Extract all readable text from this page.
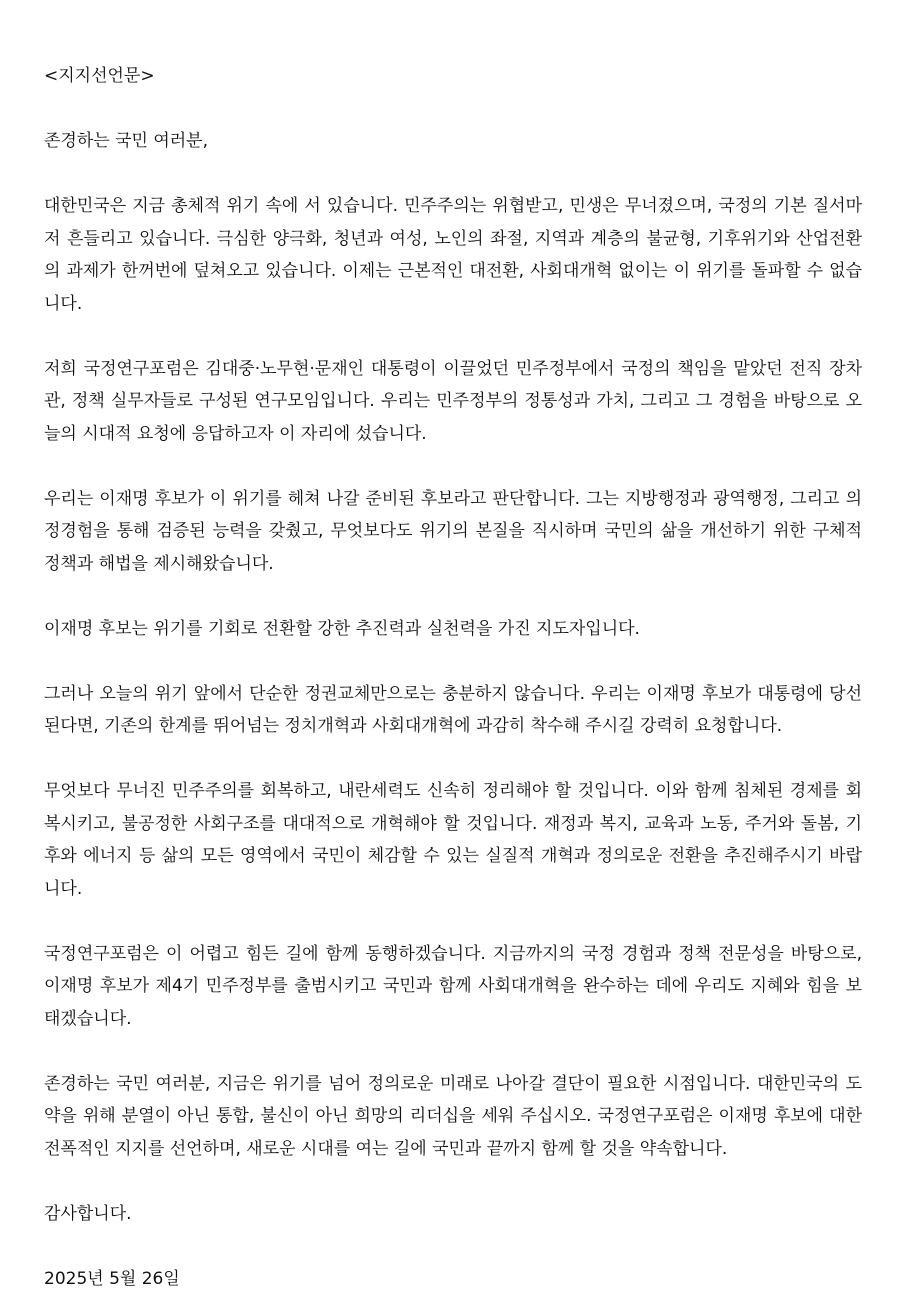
<지지선언문>

존경하는 국민 여러분,

대한민국은 지금 총체적 위기 속에 서 있습니다. 민주주의는 위협받고, 민생은 무너졌으며, 국정의 기본 질서마저 흔들리고 있습니다. 극심한 양극화, 청년과 여성, 노인의 좌절, 지역과 계층의 불균형, 기후위기와 산업전환의 과제가 한꺼번에 덮쳐오고 있습니다. 이제는 근본적인 대전환, 사회대개혁 없이는 이 위기를 돌파할 수 없습니다.

저희 국정연구포럼은 김대중·노무현·문재인 대통령이 이끌었던 민주정부에서 국정의 책임을 맡았던 전직 장차관, 정책 실무자들로 구성된 연구모임입니다. 우리는 민주정부의 정통성과 가치, 그리고 그 경험을 바탕으로 오늘의 시대적 요청에 응답하고자 이 자리에 섰습니다.

우리는 이재명 후보가 이 위기를 헤쳐 나갈 준비된 후보라고 판단합니다. 그는 지방행정과 광역행정, 그리고 의정경험을 통해 검증된 능력을 갖췄고, 무엇보다도 위기의 본질을 직시하며 국민의 삶을 개선하기 위한 구체적 정책과 해법을 제시해왔습니다.

이재명 후보는 위기를 기회로 전환할 강한 추진력과 실천력을 가진 지도자입니다.

그러나 오늘의 위기 앞에서 단순한 정권교체만으로는 충분하지 않습니다. 우리는 이재명 후보가 대통령에 당선된다면, 기존의 한계를 뛰어넘는 정치개혁과 사회대개혁에 과감히 착수해 주시길 강력히 요청합니다.

무엇보다 무너진 민주주의를 회복하고, 내란세력도 신속히 정리해야 할 것입니다. 이와 함께 침체된 경제를 회복시키고, 불공정한 사회구조를 대대적으로 개혁해야 할 것입니다. 재정과 복지, 교육과 노동, 주거와 돌봄, 기후와 에너지 등 삶의 모든 영역에서 국민이 체감할 수 있는 실질적 개혁과 정의로운 전환을 추진해주시기 바랍니다.

국정연구포럼은 이 어렵고 힘든 길에 함께 동행하겠습니다. 지금까지의 국정 경험과 정책 전문성을 바탕으로, 이재명 후보가 제4기 민주정부를 출범시키고 국민과 함께 사회대개혁을 완수하는 데에 우리도 지혜와 힘을 보태겠습니다.

존경하는 국민 여러분, 지금은 위기를 넘어 정의로운 미래로 나아갈 결단이 필요한 시점입니다. 대한민국의 도약을 위해 분열이 아닌 통합, 불신이 아닌 희망의 리더십을 세워 주십시오. 국정연구포럼은 이재명 후보에 대한 전폭적인 지지를 선언하며, 새로운 시대를 여는 길에 국민과 끝까지 함께 할 것을 약속합니다.

감사합니다.

2025년 5월 26일
